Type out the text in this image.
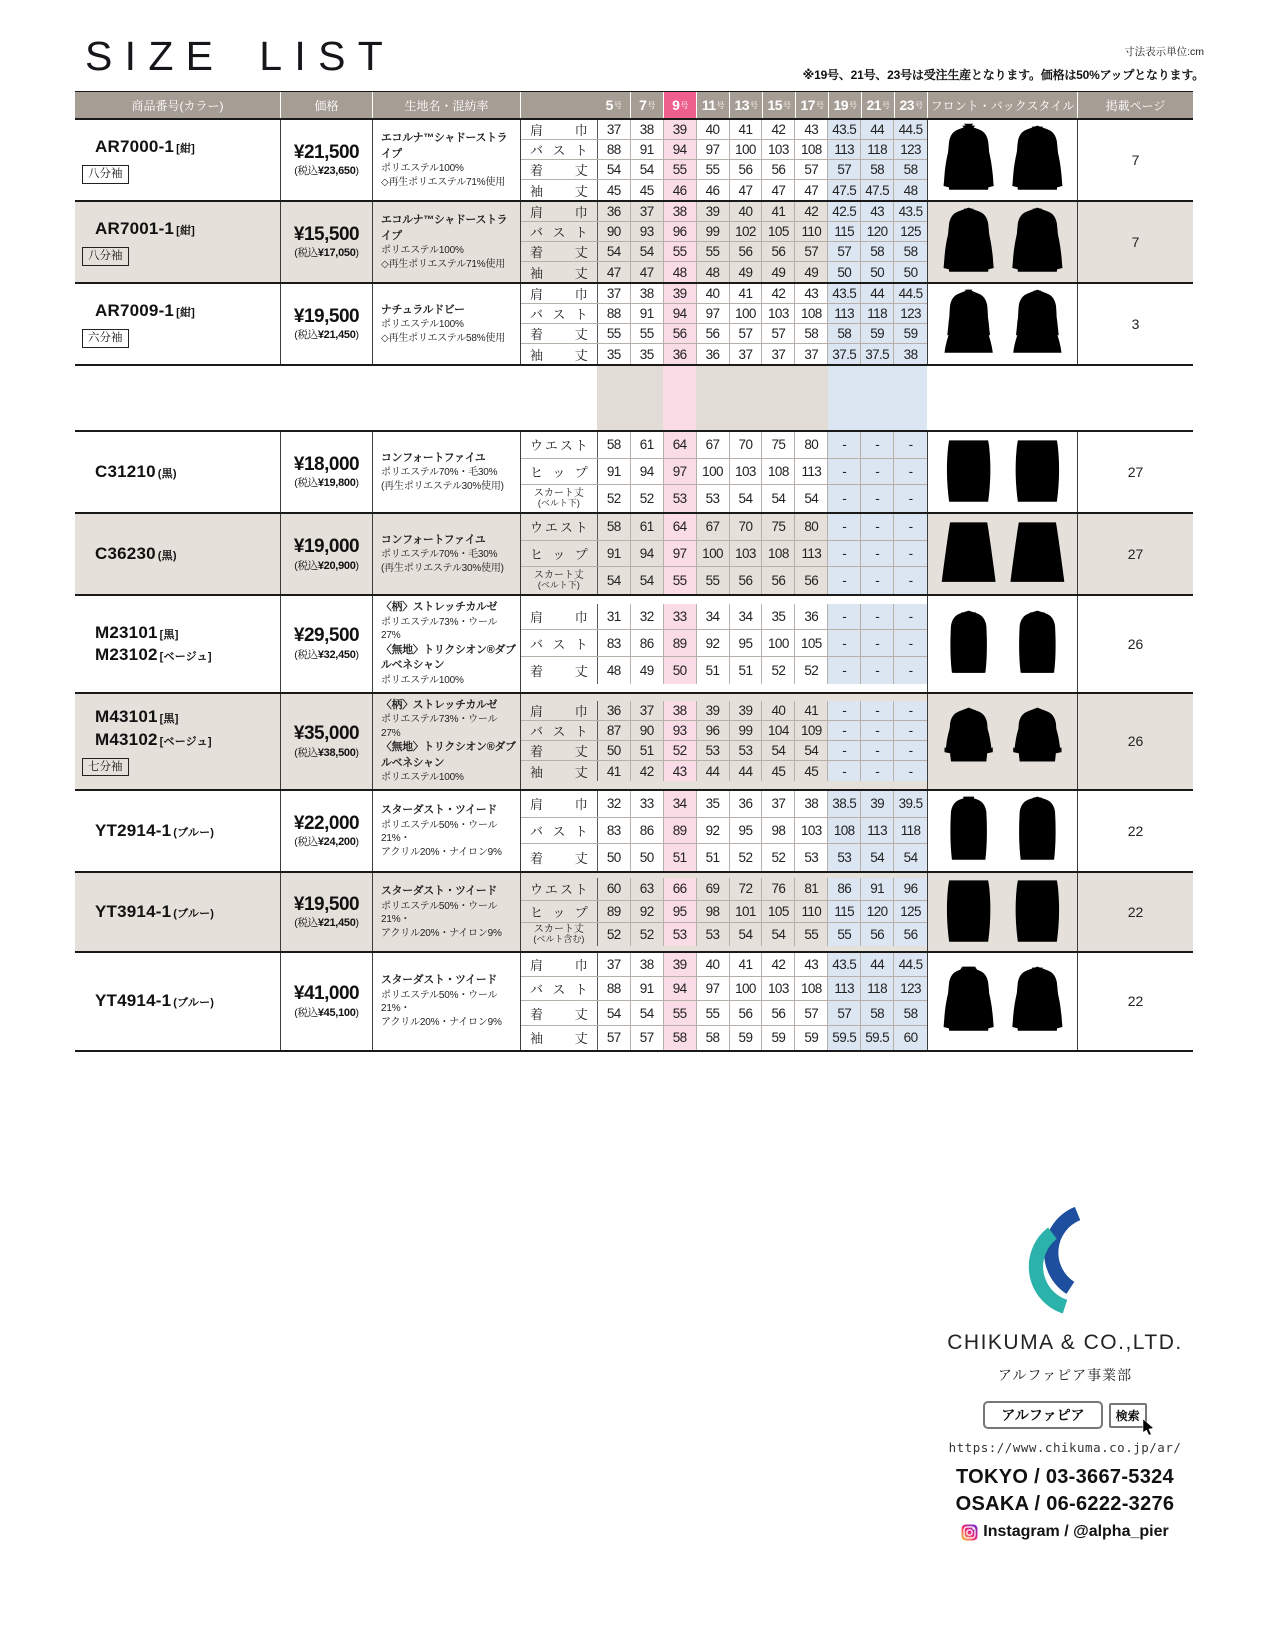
SIZE LIST	寸法表示単位:cm
※19号、21号、23号は受注生産となります。価格は50%アップとなります。
商品番号(カラー)	価格	生地名・混紡率	5 号 7 号 9 号 11 号 13 号 15 号 17 号 19 号 21 号 23 号 フロント・バックスタイル	掲載ページ
AR7000-1 [紺]
八分袖
¥21,500
(税込¥23,650)
エコルナ™シャドーストライプ
ポリエステル100%
◇再生ポリエステル71%使用
肩 巾	37	38	39	40	41	42	43	43.5	44	44.5
バ ス ト	88	91	94	97	100 103 108 113 118 123
着 丈	54	54	55	55	56	56	57	57	58	58
袖 丈	45	45	46	46	47	47	47	47.5 47.5	48
7
AR7001-1 [紺]
八分袖
¥15,500
(税込¥17,050)
エコルナ™シャドーストライプ
ポリエステル100%
◇再生ポリエステル71%使用
肩 巾	36	37	38	39	40	41	42	42.5	43	43.5
バ ス ト	90	93	96	99	102 105 110 115 120 125
着 丈	54	54	55	55	56	56	57	57	58	58
袖 丈	47	47	48	48	49	49	49	50	50	50
7
AR7009-1 [紺]
六分袖
¥19,500
(税込¥21,450)
ナチュラルドビー
ポリエステル100%
◇再生ポリエステル58%使用
肩 巾	37	38	39	40	41	42	43	43.5	44	44.5
バ ス ト	88	91	94	97	100 103 108 113 118 123
着 丈	55	55	56	56	57	57	58	58	59	59
袖 丈	35	35	36	36	37	37	37	37.5 37.5	38
3
C31210 (黒)	¥18,000
(税込¥19,800)
コンフォートファイユ
ポリエステル70%・毛30%
(再生ポリエステル30%使用)
ウ エ ス ト	58	61	64	67	70	75	80	-	-	-
ヒ ッ プ	91	94	97	100 103 108 113	-	-	-
スカート丈
(ベルト下)	52	52	53	53	54	54	54	-	-	-
27
C36230 (黒)	¥19,000
(税込¥20,900)
コンフォートファイユ
ポリエステル70%・毛30%
(再生ポリエステル30%使用)
ウ エ ス ト	58	61	64	67	70	75	80	-	-	-
ヒ ッ プ	91	94	97	100 103 108 113	-	-	-
スカート丈
(ベルト下)	54	54	55	55	56	56	56	-	-	-
27
M23101 [黒]
M23102 [ベージュ]
¥29,500
(税込¥32,450)
〈柄〉ストレッチカルゼ
ポリエステル73%・ウール27%
〈無地〉トリクシオン®ダブルベネシャン
ポリエステル100%
肩 巾	31	32	33	34	34	35	36	-	-	-
バ ス ト	83	86	89	92	95	100 105	-	-	-
着 丈	48	49	50	51	51	52	52	-	-	-
26
M43101 [黒]
M43102 [ベージュ]
七分袖
¥35,000
(税込¥38,500)
〈柄〉ストレッチカルゼ
ポリエステル73%・ウール27%
〈無地〉トリクシオン®ダブルベネシャン
ポリエステル100%
肩 巾	36	37	38	39	39	40	41	-	-	-
バ ス ト	87	90	93	96	99	104 109	-	-	-
着 丈	50	51	52	53	53	54	54	-	-	-
袖 丈	41	42	43	44	44	45	45	-	-	-
26
YT2914-1 (ブルー)	¥22,000
(税込¥24,200)
スターダスト・ツイード
ポリエステル50%・ウール21%・
アクリル20%・ナイロン9%
肩 巾	32	33	34	35	36	37	38	38.5	39	39.5
バ ス ト	83	86	89	92	95	98	103 108 113	118
着 丈	50	50	51	51	52	52	53	53	54	54
22
YT3914-1 (ブルー)	¥19,500
(税込¥21,450)
スターダスト・ツイード
ポリエステル50%・ウール21%・
アクリル20%・ナイロン9%
ウ エ ス ト	60	63	66	69	72	76	81	86	91	96
ヒ ッ プ	89	92	95	98	101 105 110 115 120 125
スカート丈
(ベルト含む)	52	52	53	53	54	54	55	55	56	56
22
YT4914-1 (ブルー)	¥41,000
(税込¥45,100)
スターダスト・ツイード
ポリエステル50%・ウール21%・
アクリル20%・ナイロン9%
肩 巾	37	38	39	40	41	42	43	43.5	44	44.5
バ ス ト	88	91	94	97	100 103 108 113 118 123
着 丈	54	54	55	55	56	56	57	57	58	58
袖 丈	57	57	58	58	59	59	59	59.5 59.5	60
22
CHIKUMA & CO.,LTD.
アルファピア事業部
アルファピア	検索
https://www.chikuma.co.jp/ar/
TOKYO / 03-3667-5324
OSAKA / 06-6222-3276
Instagram / @alpha_pier
